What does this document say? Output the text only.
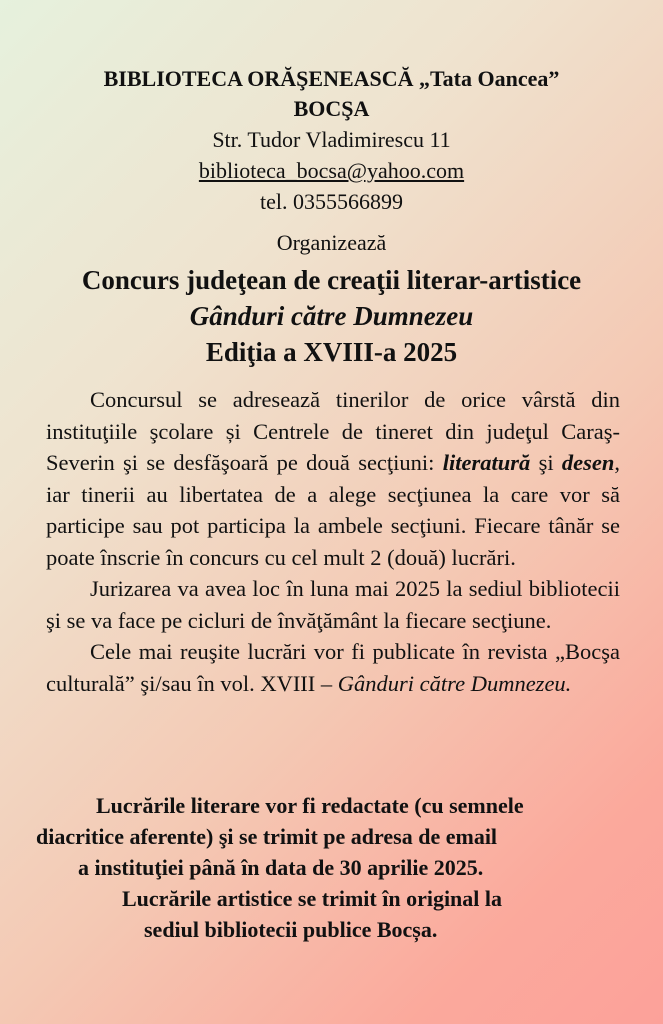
BIBLIOTECA ORĂŞENEASCĂ „Tata Oancea”
BOCŞA
Str. Tudor Vladimirescu 11
biblioteca_bocsa@yahoo.com
tel. 0355566899
Organizează
Concurs judeţean de creaţii literar-artistice
Gânduri către Dumnezeu
Ediţia a XVIII-a 2025

Concursul se adresează tinerilor de orice vârstă din instituţiile şcolare și Centrele de tineret din judeţul Caraş-Severin şi se desfăşoară pe două secţiuni: literatură şi desen, iar tinerii au libertatea de a alege secţiunea la care vor să participe sau pot participa la ambele secţiuni. Fiecare tânăr se poate înscrie în concurs cu cel mult 2 (două) lucrări.

Jurizarea va avea loc în luna mai 2025 la sediul bibliotecii şi se va face pe cicluri de învăţământ la fiecare secţiune.

Cele mai reuşite lucrări vor fi publicate în revista „Bocşa culturală” şi/sau în vol. XVIII – Gânduri către Dumnezeu.

Lucrările literare vor fi redactate (cu semnele
diacritice aferente) şi se trimit pe adresa de email
a instituţiei până în data de 30 aprilie 2025.
Lucrările artistice se trimit în original la
sediul bibliotecii publice Bocșa.
